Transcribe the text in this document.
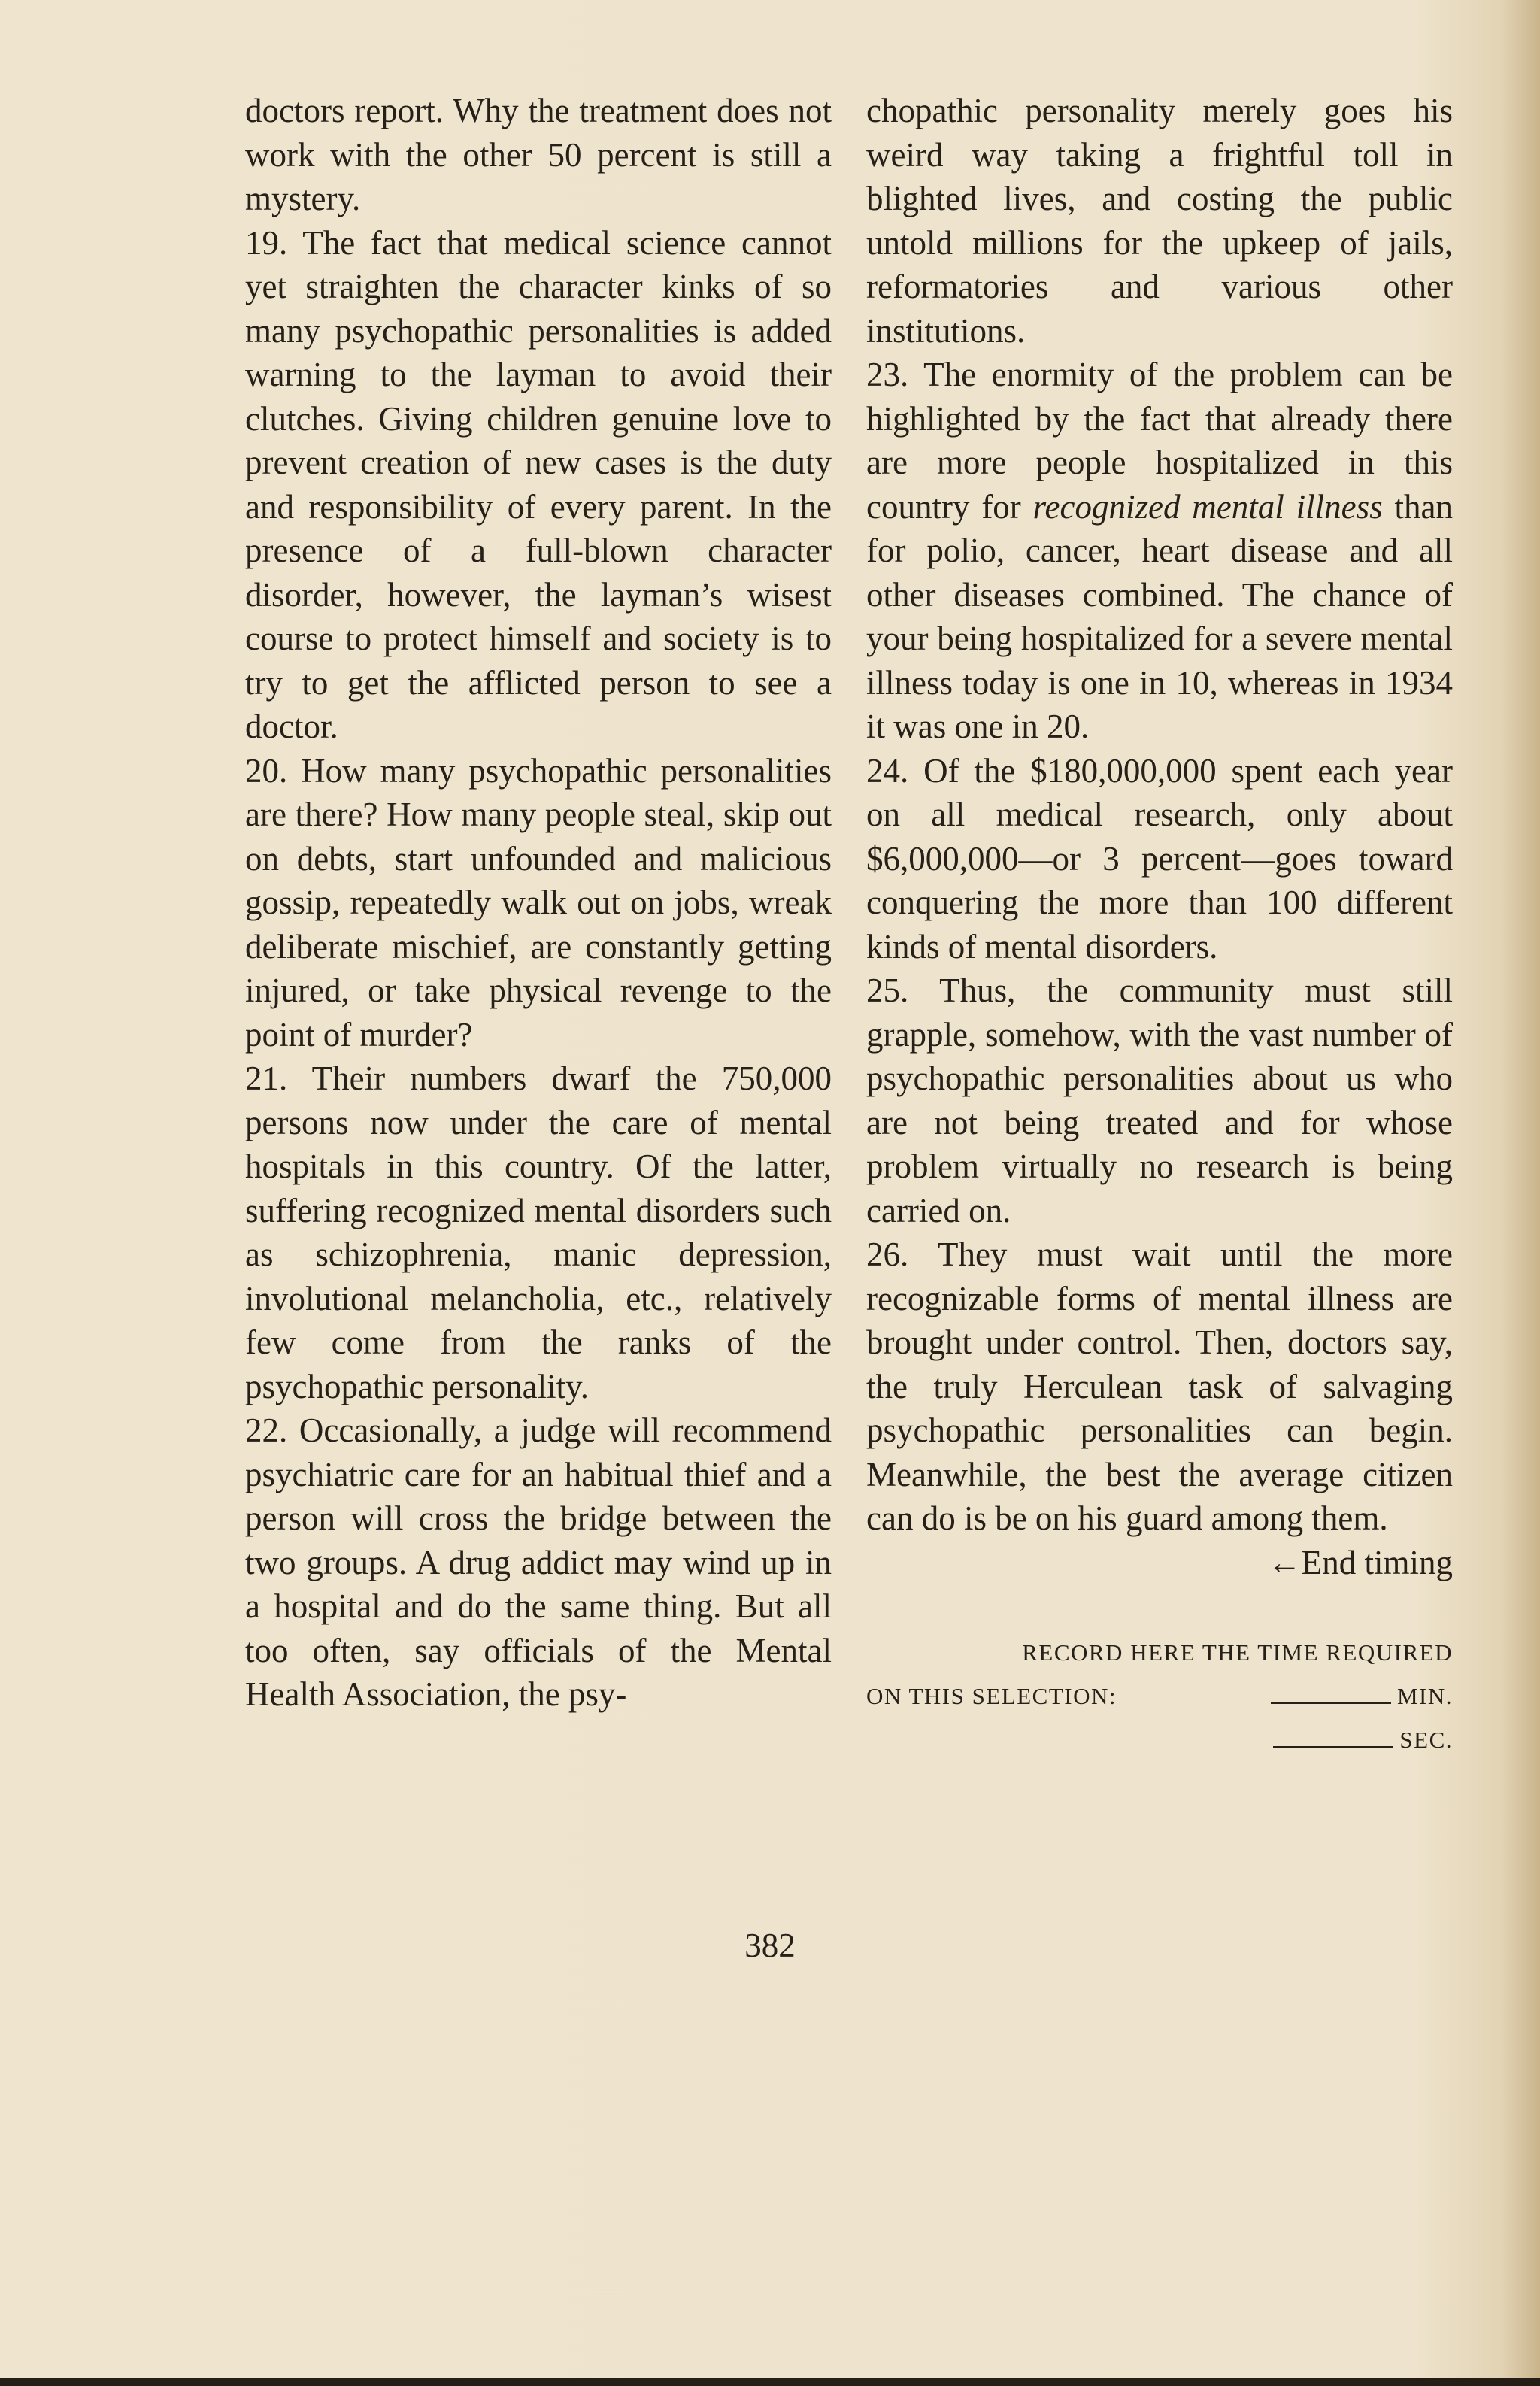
doctors report. Why the treatment does not work with the other 50 percent is still a mystery.

19. The fact that medical science cannot yet straighten the character kinks of so many psychopathic personalities is added warning to the layman to avoid their clutches. Giving children genuine love to prevent creation of new cases is the duty and responsibility of every parent. In the presence of a full-blown character disorder, however, the layman’s wisest course to protect himself and society is to try to get the afflicted person to see a doctor.

20. How many psychopathic personalities are there? How many people steal, skip out on debts, start unfounded and malicious gossip, repeatedly walk out on jobs, wreak deliberate mischief, are constantly getting injured, or take physical revenge to the point of murder?

21. Their numbers dwarf the 750,000 persons now under the care of mental hospitals in this country. Of the latter, suffering recognized mental disorders such as schizophrenia, manic depression, involutional melancholia, etc., relatively few come from the ranks of the psychopathic personality.

22. Occasionally, a judge will recommend psychiatric care for an habitual thief and a person will cross the bridge between the two groups. A drug addict may wind up in a hospital and do the same thing. But all too often, say officials of the Mental Health Association, the psy-

chopathic personality merely goes his weird way taking a frightful toll in blighted lives, and costing the public untold millions for the upkeep of jails, reformatories and various other institutions.

23. The enormity of the problem can be highlighted by the fact that already there are more people hospitalized in this country for recognized mental illness than for polio, cancer, heart disease and all other diseases combined. The chance of your being hospitalized for a severe mental illness today is one in 10, whereas in 1934 it was one in 20.

24. Of the $180,000,000 spent each year on all medical research, only about $6,000,000—or 3 percent—goes toward conquering the more than 100 different kinds of mental disorders.

25. Thus, the community must still grapple, somehow, with the vast number of psychopathic personalities about us who are not being treated and for whose problem virtually no research is being carried on.

26. They must wait until the more recognizable forms of mental illness are brought under control. Then, doctors say, the truly Herculean task of salvaging psychopathic personalities can begin. Meanwhile, the best the average citizen can do is be on his guard among them.

←End timing

RECORD HERE THE TIME REQUIRED
ON THIS SELECTION:	MIN.
SEC.
382
